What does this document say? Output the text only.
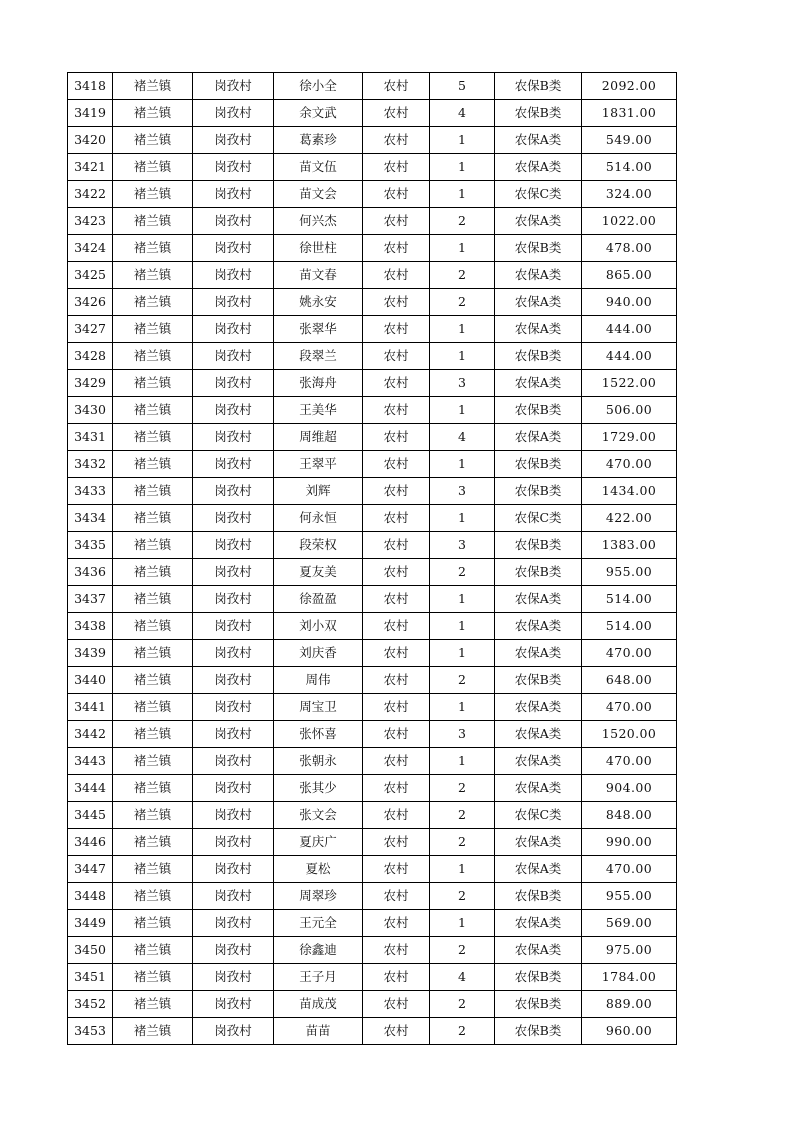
3418	褚兰镇	岗孜村	徐小全	农村	5	农保B类	2092.00
3419	褚兰镇	岗孜村	余文武	农村	4	农保B类	1831.00
3420	褚兰镇	岗孜村	葛素珍	农村	1	农保A类	549.00
3421	褚兰镇	岗孜村	苗文伍	农村	1	农保A类	514.00
3422	褚兰镇	岗孜村	苗文会	农村	1	农保C类	324.00
3423	褚兰镇	岗孜村	何兴杰	农村	2	农保A类	1022.00
3424	褚兰镇	岗孜村	徐世柱	农村	1	农保B类	478.00
3425	褚兰镇	岗孜村	苗文春	农村	2	农保A类	865.00
3426	褚兰镇	岗孜村	姚永安	农村	2	农保A类	940.00
3427	褚兰镇	岗孜村	张翠华	农村	1	农保A类	444.00
3428	褚兰镇	岗孜村	段翠兰	农村	1	农保B类	444.00
3429	褚兰镇	岗孜村	张海舟	农村	3	农保A类	1522.00
3430	褚兰镇	岗孜村	王美华	农村	1	农保B类	506.00
3431	褚兰镇	岗孜村	周维超	农村	4	农保A类	1729.00
3432	褚兰镇	岗孜村	王翠平	农村	1	农保B类	470.00
3433	褚兰镇	岗孜村	刘辉	农村	3	农保B类	1434.00
3434	褚兰镇	岗孜村	何永恒	农村	1	农保C类	422.00
3435	褚兰镇	岗孜村	段荣权	农村	3	农保B类	1383.00
3436	褚兰镇	岗孜村	夏友美	农村	2	农保B类	955.00
3437	褚兰镇	岗孜村	徐盈盈	农村	1	农保A类	514.00
3438	褚兰镇	岗孜村	刘小双	农村	1	农保A类	514.00
3439	褚兰镇	岗孜村	刘庆香	农村	1	农保A类	470.00
3440	褚兰镇	岗孜村	周伟	农村	2	农保B类	648.00
3441	褚兰镇	岗孜村	周宝卫	农村	1	农保A类	470.00
3442	褚兰镇	岗孜村	张怀喜	农村	3	农保A类	1520.00
3443	褚兰镇	岗孜村	张朝永	农村	1	农保A类	470.00
3444	褚兰镇	岗孜村	张其少	农村	2	农保A类	904.00
3445	褚兰镇	岗孜村	张文会	农村	2	农保C类	848.00
3446	褚兰镇	岗孜村	夏庆广	农村	2	农保A类	990.00
3447	褚兰镇	岗孜村	夏松	农村	1	农保A类	470.00
3448	褚兰镇	岗孜村	周翠珍	农村	2	农保B类	955.00
3449	褚兰镇	岗孜村	王元全	农村	1	农保A类	569.00
3450	褚兰镇	岗孜村	徐鑫迪	农村	2	农保A类	975.00
3451	褚兰镇	岗孜村	王子月	农村	4	农保B类	1784.00
3452	褚兰镇	岗孜村	苗成茂	农村	2	农保B类	889.00
3453	褚兰镇	岗孜村	苗苗	农村	2	农保B类	960.00
